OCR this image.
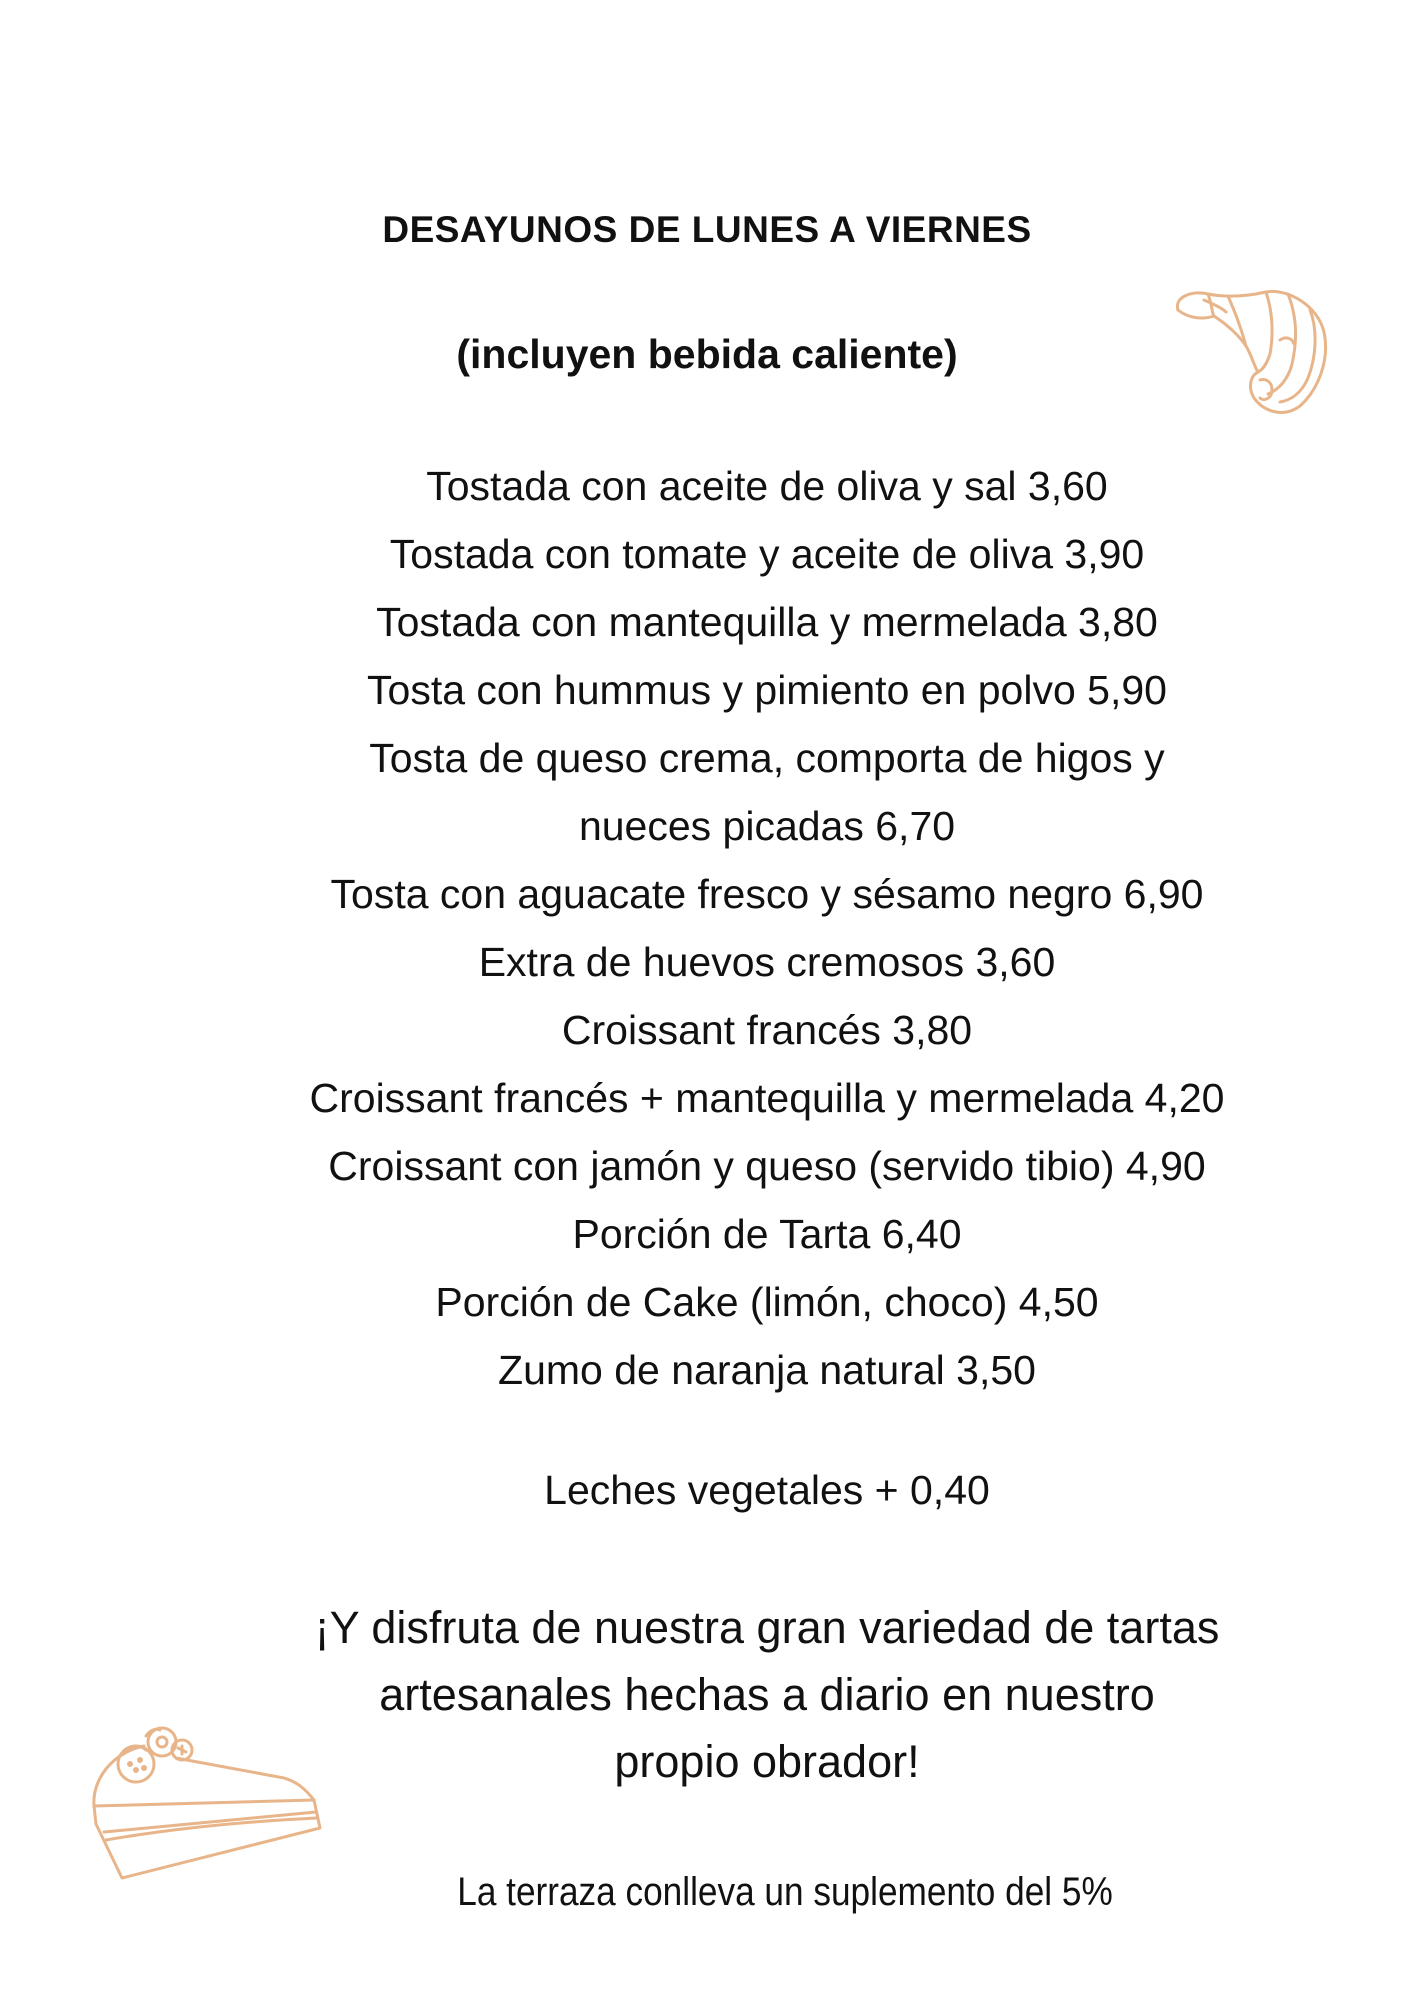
DESAYUNOS DE LUNES A VIERNES
(incluyen bebida caliente)
Tostada con aceite de oliva y sal 3,60
Tostada con tomate y aceite de oliva 3,90
Tostada con mantequilla y mermelada 3,80
Tosta con hummus y pimiento en polvo 5,90
Tosta de queso crema, comporta de higos y
nueces picadas 6,70
Tosta con aguacate fresco y sésamo negro 6,90
Extra de huevos cremosos 3,60
Croissant francés 3,80
Croissant francés + mantequilla y mermelada 4,20
Croissant con jamón y queso (servido tibio) 4,90
Porción de Tarta 6,40
Porción de Cake (limón, choco) 4,50
Zumo de naranja natural 3,50
Leches vegetales + 0,40
¡Y disfruta de nuestra gran variedad de tartas
artesanales hechas a diario en nuestro
propio obrador!
La terraza conlleva un suplemento del 5%
